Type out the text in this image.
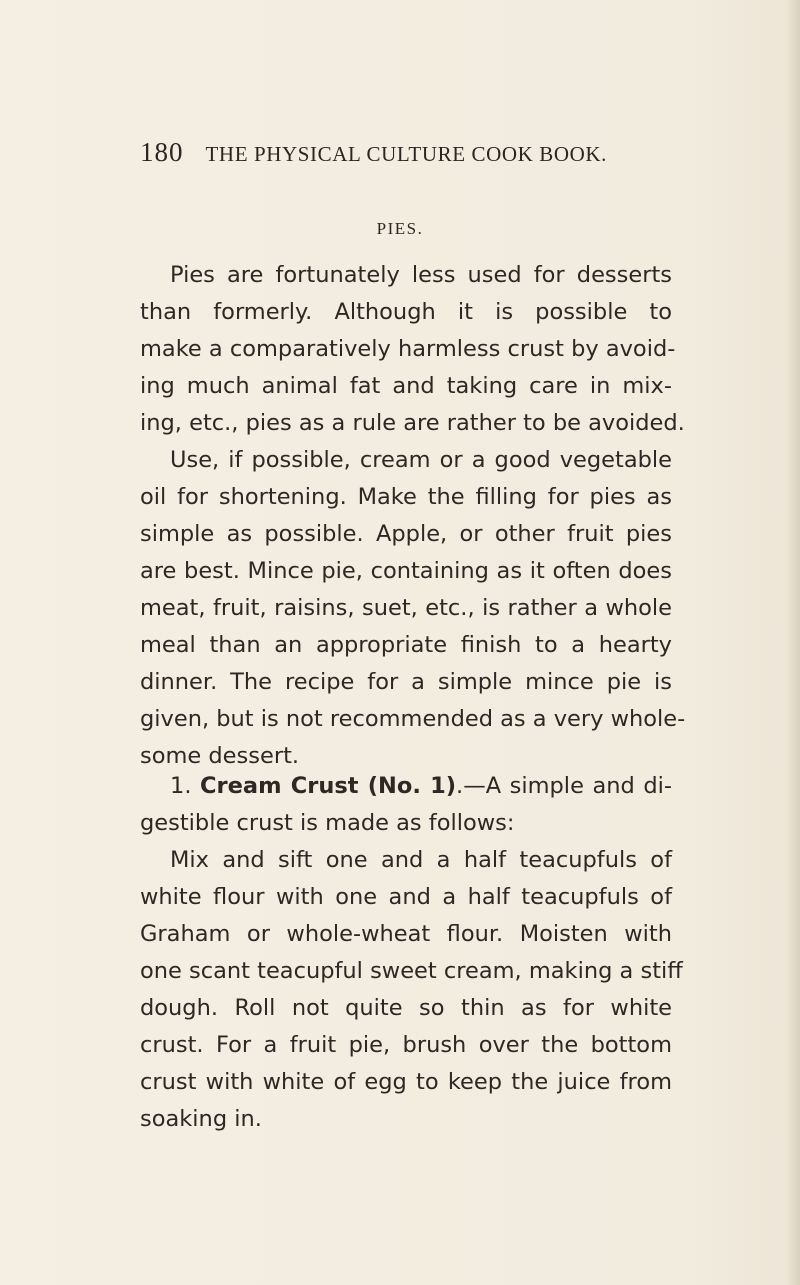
180 THE PHYSICAL CULTURE COOK BOOK.
PIES.
Pies are fortunately less used for desserts
than formerly. Although it is possible to
make a comparatively harmless crust by avoid-
ing much animal fat and taking care in mix-
ing, etc., pies as a rule are rather to be avoided.
Use, if possible, cream or a good vegetable
oil for shortening. Make the filling for pies as
simple as possible. Apple, or other fruit pies
are best. Mince pie, containing as it often does
meat, fruit, raisins, suet, etc., is rather a whole
meal than an appropriate finish to a hearty
dinner. The recipe for a simple mince pie is
given, but is not recommended as a very whole-
some dessert.
1. Cream Crust (No. 1).—A simple and di-
gestible crust is made as follows:
Mix and sift one and a half teacupfuls of
white flour with one and a half teacupfuls of
Graham or whole-wheat flour. Moisten with
one scant teacupful sweet cream, making a stiff
dough. Roll not quite so thin as for white
crust. For a fruit pie, brush over the bottom
crust with white of egg to keep the juice from
soaking in.
